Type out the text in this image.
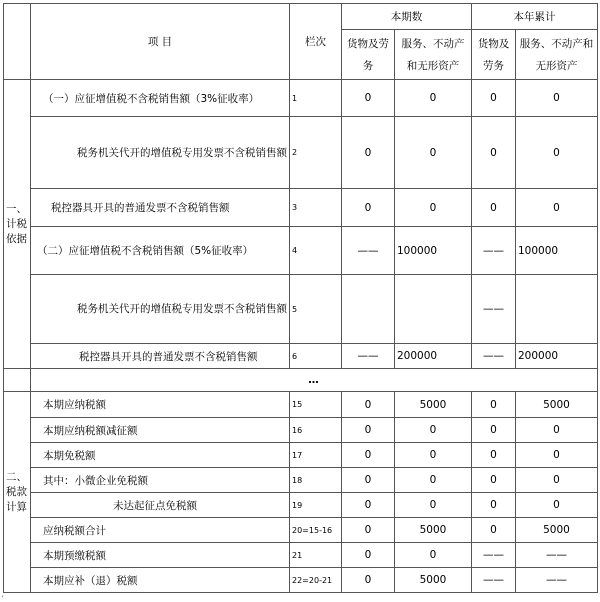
	项 目	栏次	本期数		本年累计	
			货物及劳务	服务、不动产和无形资产	货物及劳务	服务、不动产和无形资产

一、计税依据	（一）应征增值税不含税销售额（3%征收率）	1	0	0	0	0
	税务机关代开的增值税专用发票不含税销售额	2	0	0	0	0
	税控器具开具的普通发票不含税销售额	3	0	0	0	0
	（二）应征增值税不含税销售额（5%征收率）	4	——	100000	——	100000
	税务机关代开的增值税专用发票不含税销售额	5			——	
	税控器具开具的普通发票不含税销售额	6	——	200000	——	200000
	…					
二、税款计算	本期应纳税额	15	0	5000	0	5000
	本期应纳税额减征额	16	0	0	0	0
	本期免税额	17	0	0	0	0
	其中：小微企业免税额	18	0	0	0	0
	未达起征点免税额	19	0	0	0	0
	应纳税额合计	20=15-16	0	5000	0	5000
	本期预缴税额	21	0	0	——	——
	本期应补（退）税额	22=20-21	0	5000	——	——
'
